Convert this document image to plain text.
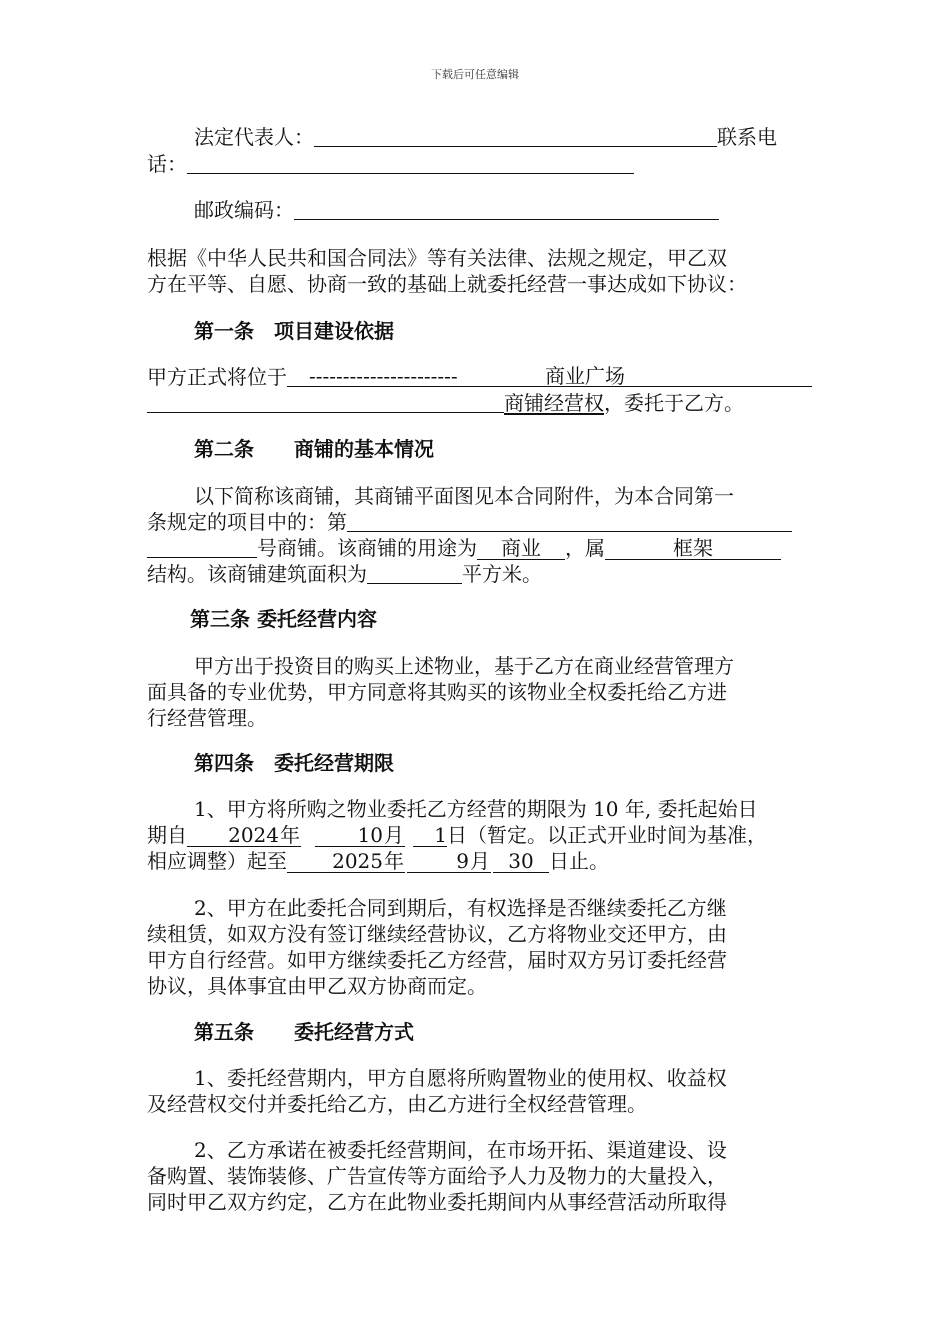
下载后可任意编辑
法定代表人：	联系电
话：
邮政编码：
根据《中华人民共和国合同法》等有关法律、法规之规定，甲乙双
方在平等、自愿、协商一致的基础上就委托经营一事达成如下协议：
第一条　项目建设依据
甲方正式将位于 ----------------------	商业广场
商铺经营权，委托于乙方。
第二条　　商铺的基本情况
以下简称该商铺，其商铺平面图见本合同附件，为本合同第一
条规定的项目中的：第
号商铺。该商铺的用途为 商业 ，属	框架
结构。该商铺建筑面积为	平方米。
第三条 委托经营内容
甲方出于投资目的购买上述物业，基于乙方在商业经营管理方
面具备的专业优势，甲方同意将其购买的该物业全权委托给乙方进
行经营管理。
第四条　委托经营期限
1、甲方将所购之物业委托乙方经营的期限为 10 年, 委托起始日
期自 2024年	10月 1日（暂定。以正式开业时间为基准，
相应调整）起至 2025年	9月 30 日止。
2、甲方在此委托合同到期后，有权选择是否继续委托乙方继
续租赁，如双方没有签订继续经营协议，乙方将物业交还甲方，由
甲方自行经营。如甲方继续委托乙方经营，届时双方另订委托经营
协议，具体事宜由甲乙双方协商而定。
第五条　　委托经营方式
1、委托经营期内，甲方自愿将所购置物业的使用权、收益权
及经营权交付并委托给乙方，由乙方进行全权经营管理。
2、乙方承诺在被委托经营期间，在市场开拓、渠道建设、设
备购置、装饰装修、广告宣传等方面给予人力及物力的大量投入，
同时甲乙双方约定，乙方在此物业委托期间内从事经营活动所取得
